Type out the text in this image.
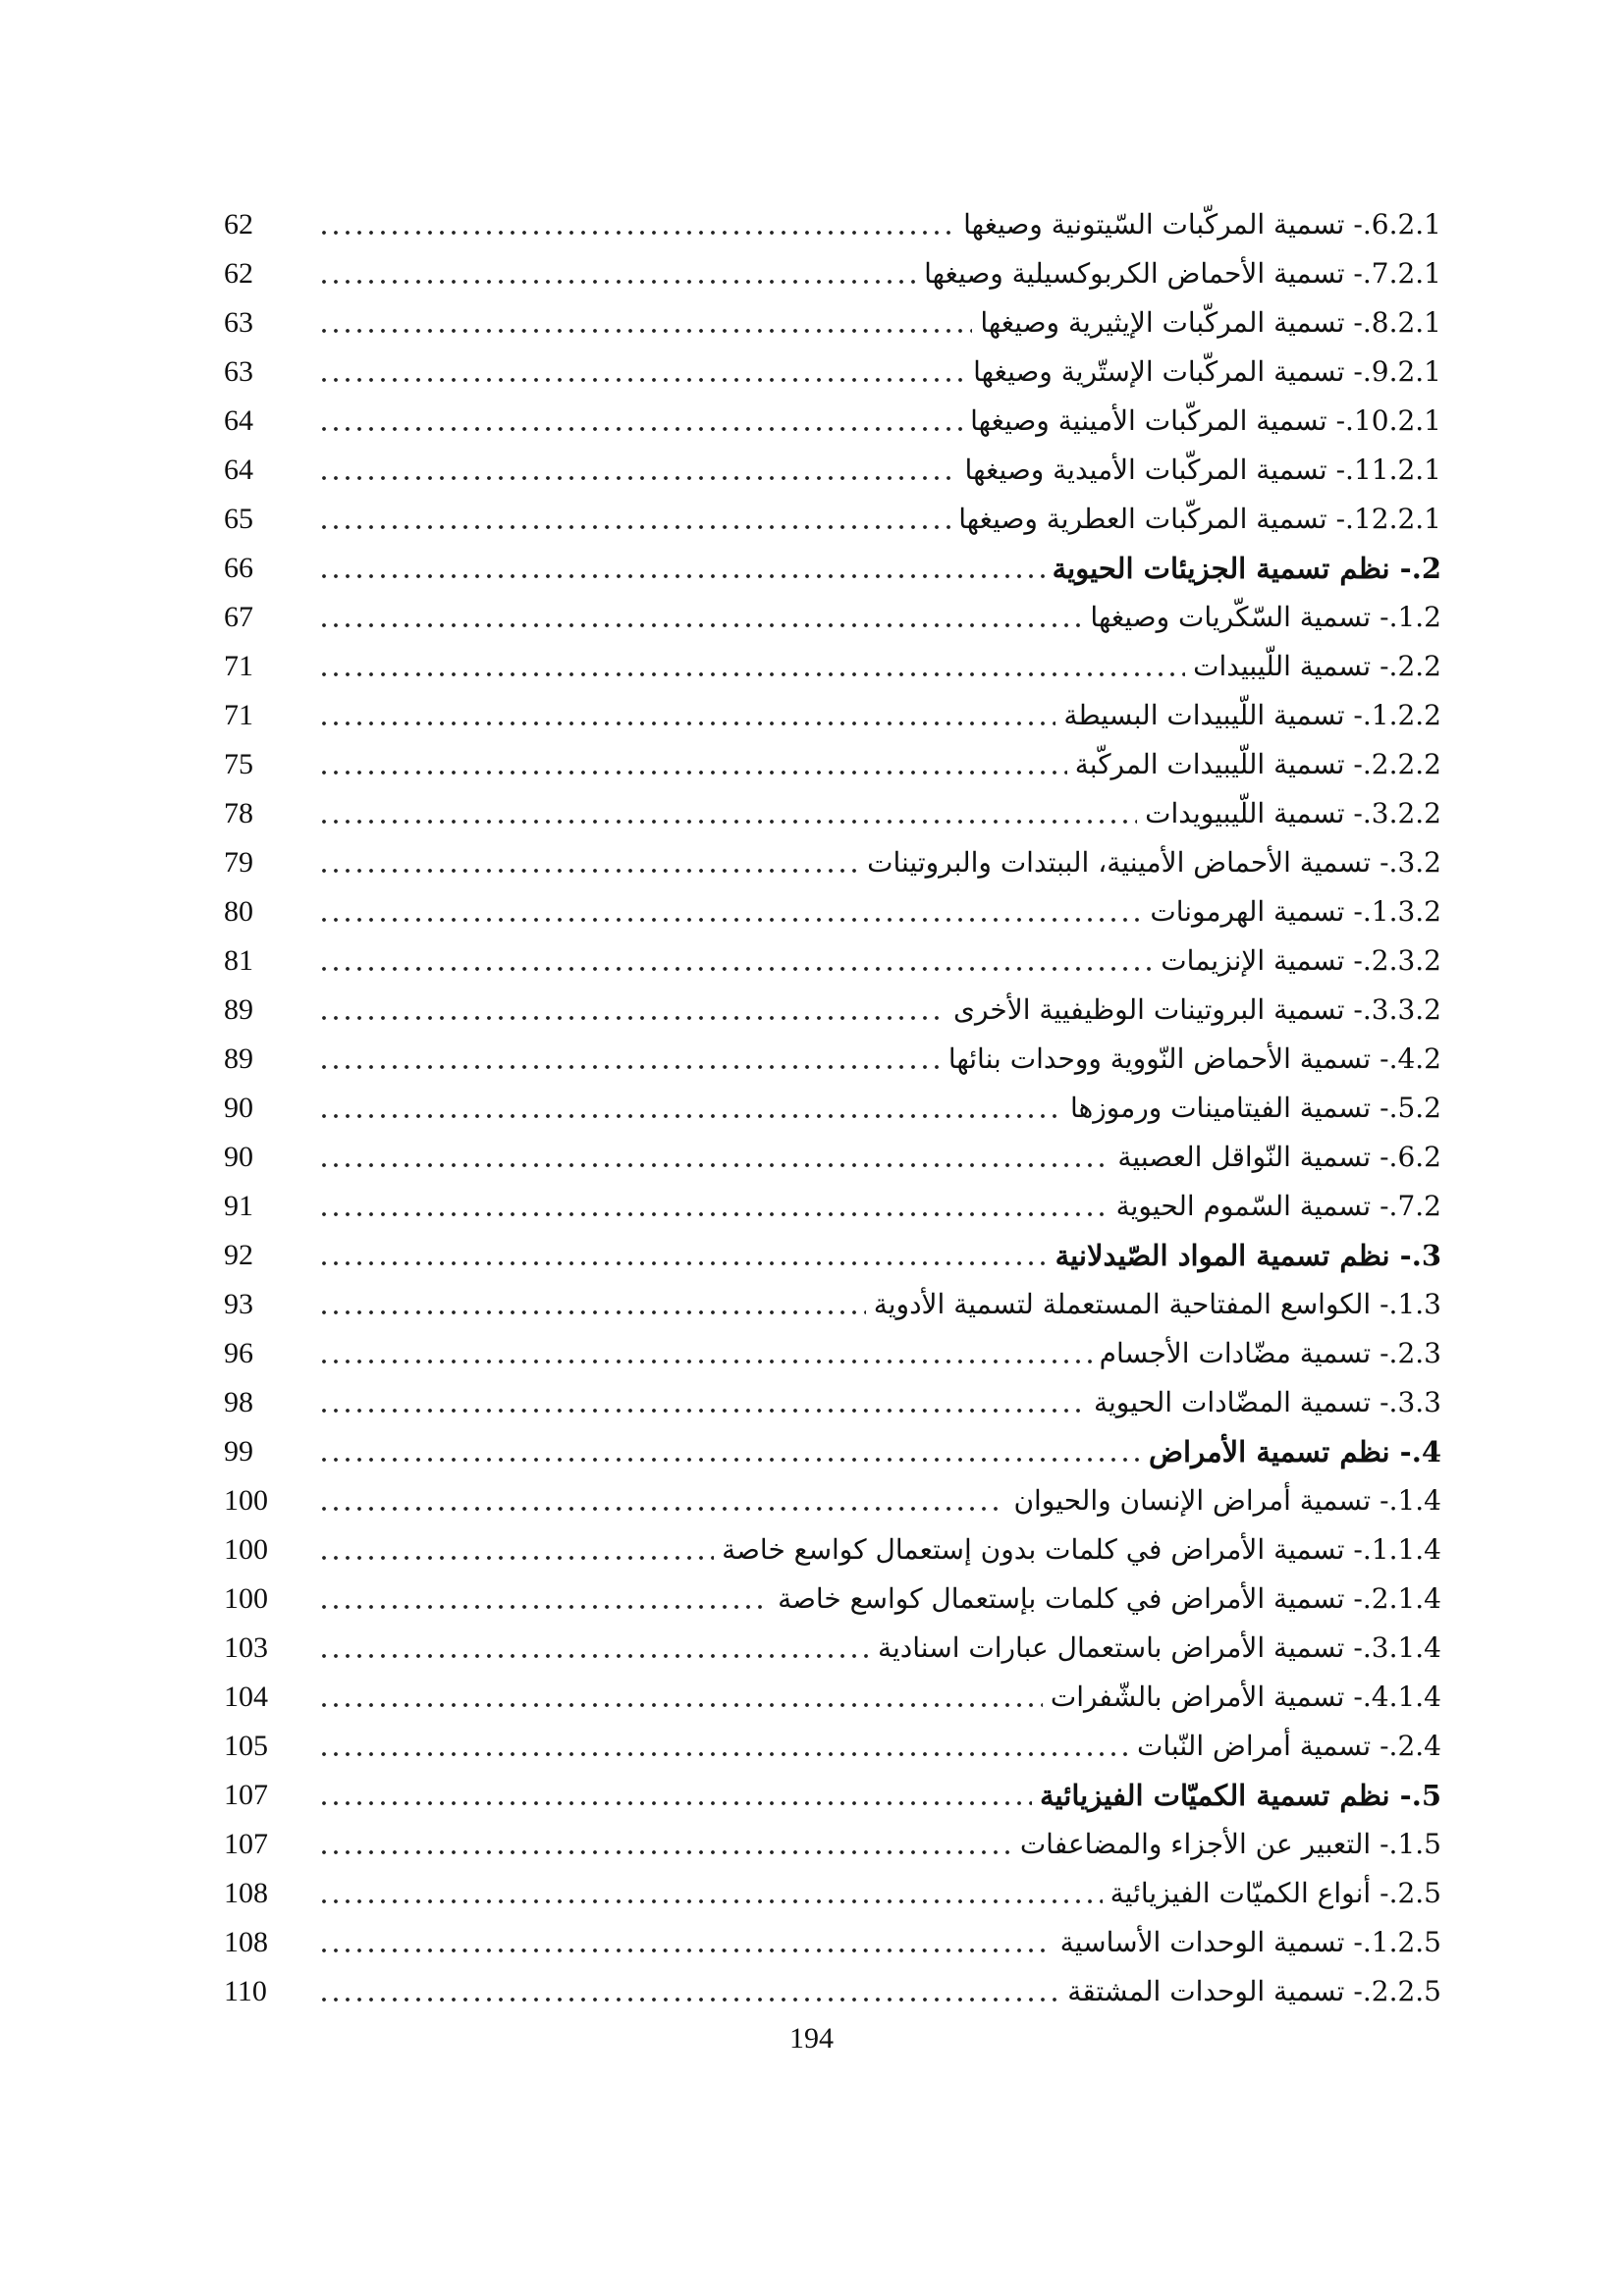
6.2.1.- تسمية المركّبات السّيتونية وصيغها
62
7.2.1.- تسمية الأحماض الكربوكسيلية وصيغها
62
8.2.1.- تسمية المركّبات الإيثيرية وصيغها
63
9.2.1.- تسمية المركّبات الإستّرية وصيغها
63
10.2.1.- تسمية المركّبات الأمينية وصيغها
64
11.2.1.- تسمية المركّبات الأميدية وصيغها
64
12.2.1.- تسمية المركّبات العطرية وصيغها
65
2.- نظم تسمية الجزيئات الحيوية
66
1.2.- تسمية السّكّريات وصيغها
67
2.2.- تسمية اللّيبيدات
71
1.2.2.- تسمية اللّيبيدات البسيطة
71
2.2.2.- تسمية اللّيبيدات المركّبة
75
3.2.2.- تسمية اللّيبيويدات
78
3.2.- تسمية الأحماض الأمينية، الببتدات والبروتينات
79
1.3.2.- تسمية الهرمونات
80
2.3.2.- تسمية الإنزيمات
81
3.3.2.- تسمية البروتينات الوظيفيية الأخرى
89
4.2.- تسمية الأحماض النّووية ووحدات بنائها
89
5.2.- تسمية الفيتامينات ورموزها
90
6.2.- تسمية النّواقل العصبية
90
7.2.- تسمية السّموم الحيوية
91
3.- نظم تسمية المواد الصّيدلانية
92
1.3.- الكواسع المفتاحية المستعملة لتسمية الأدوية
93
2.3.- تسمية مضّادات الأجسام
96
3.3.- تسمية المضّادات الحيوية
98
4.- نظم تسمية الأمراض
99
1.4.- تسمية أمراض الإنسان والحيوان
100
1.1.4.- تسمية الأمراض في كلمات بدون إستعمال كواسع خاصة
100
2.1.4.- تسمية الأمراض في كلمات بإستعمال كواسع خاصة
100
3.1.4.- تسمية الأمراض باستعمال عبارات اسنادية
103
4.1.4.- تسمية الأمراض بالشّفرات
104
2.4.- تسمية أمراض النّبات
105
5.- نظم تسمية الكميّات الفيزيائية
107
1.5.- التعبير عن الأجزاء والمضاعفات
107
2.5.- أنواع الكميّات الفيزيائية
108
1.2.5.- تسمية الوحدات الأساسية
108
2.2.5.- تسمية الوحدات المشتقة
110
194
